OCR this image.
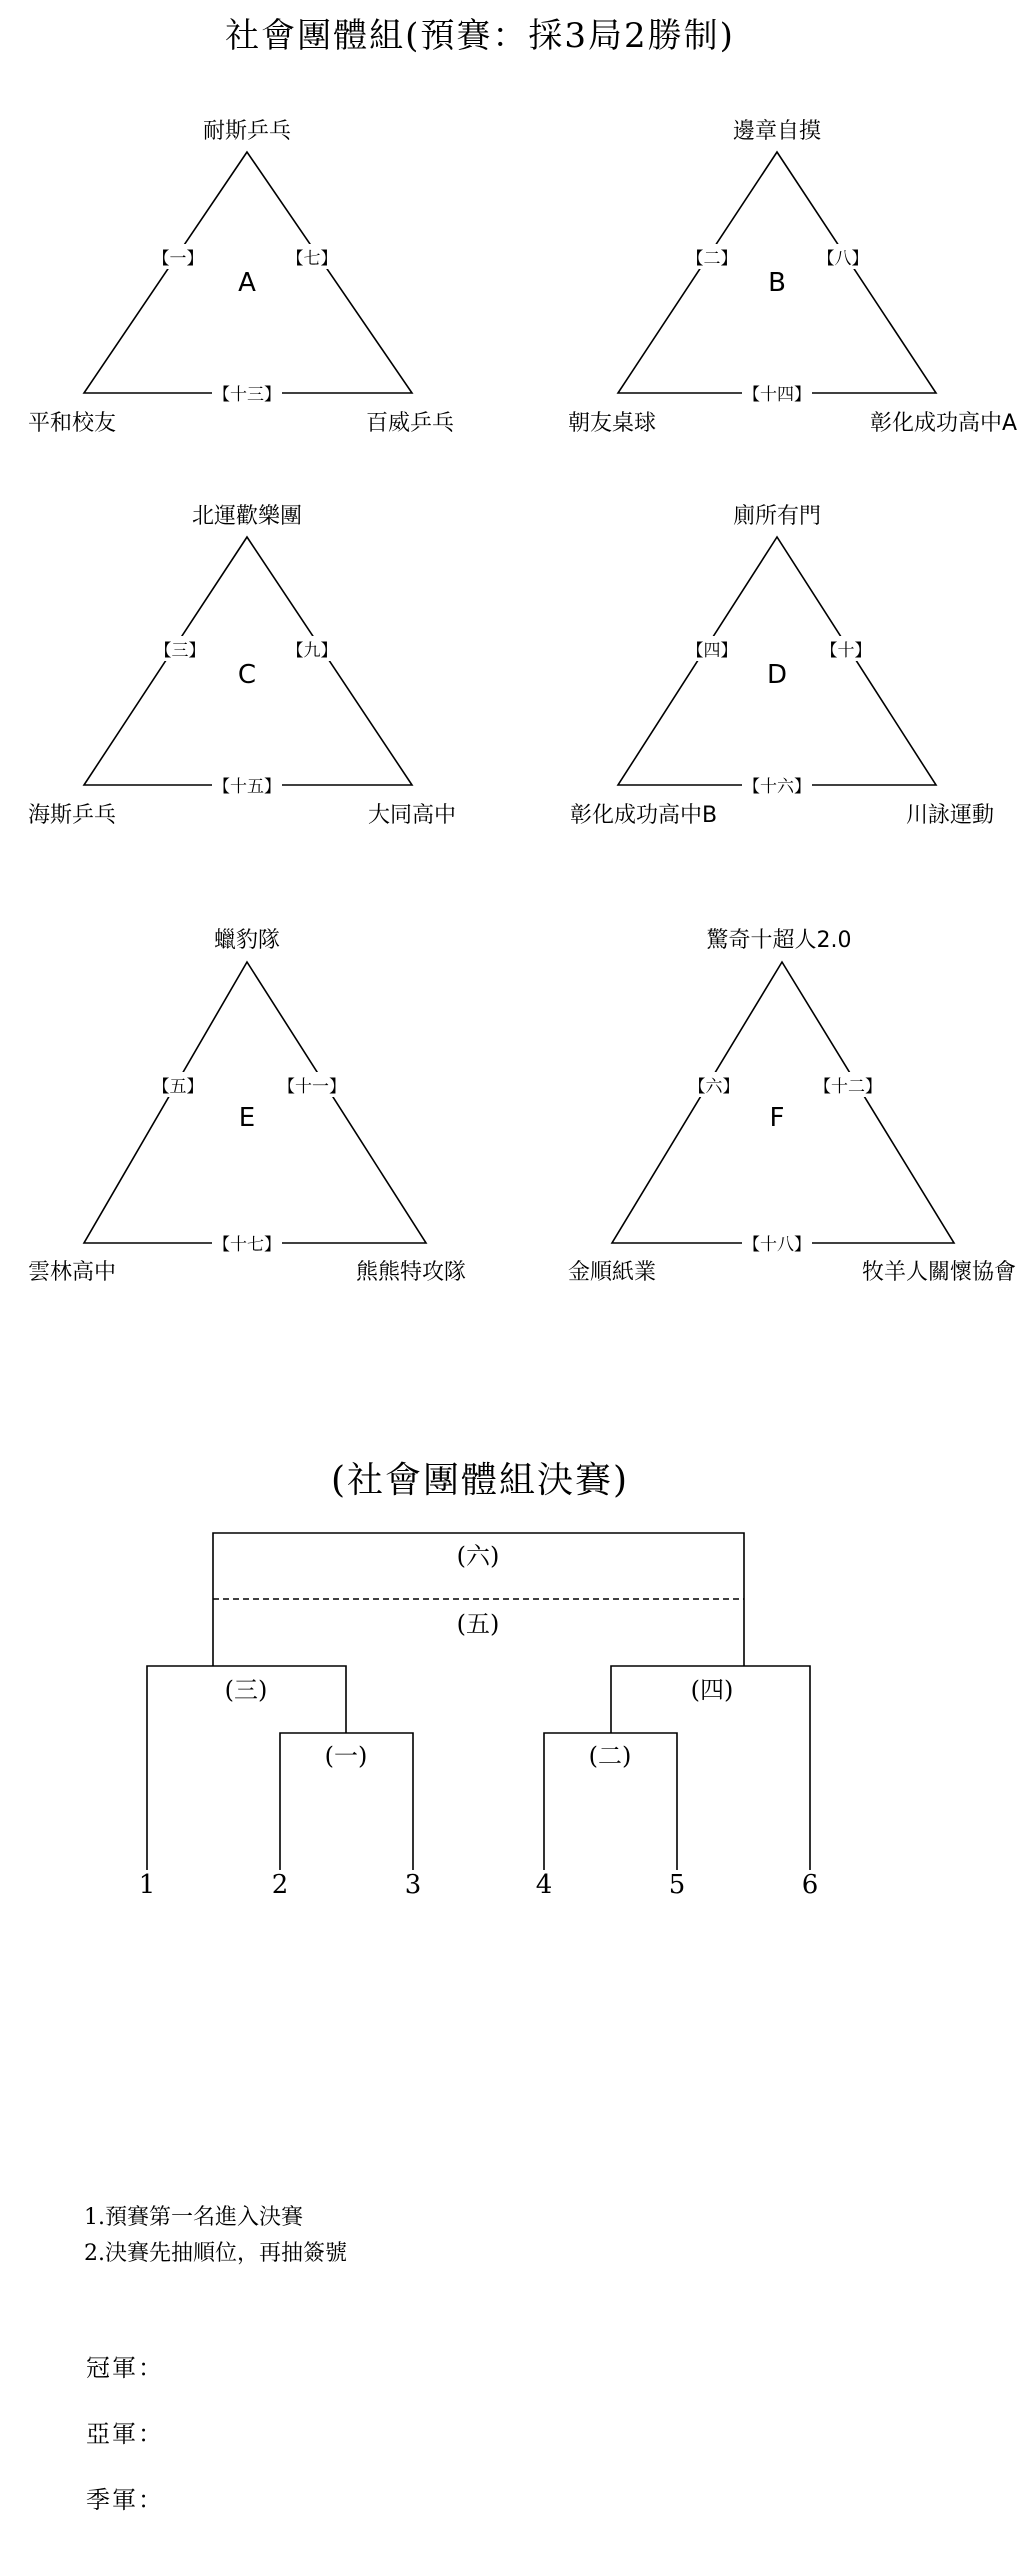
社會團體組(預賽：採3局2勝制)
耐斯乒乓
平和校友	百威乒乓
A
【一】	【七】
【十三】
邊章自摸
朝友桌球	彰化成功高中A
B
【二】	【八】
【十四】
北運歡樂團
海斯乒乓	大同高中
C
【三】	【九】
【十五】
廁所有門
彰化成功高中B	川詠運動
D
【四】	【十】
【十六】
蠟豹隊
雲林高中	熊熊特攻隊
E
【五】	【十一】
【十七】
驚奇十超人2.0
金順紙業	牧羊人關懷協會
F
【六】	【十二】
【十八】
(社會團體組決賽)
(六)
(五)
(三)	(四)
(一)	(二)
1	2	3	4	5	6
1.預賽第一名進入決賽
2.決賽先抽順位，再抽簽號
冠軍：
亞軍：
季軍：
